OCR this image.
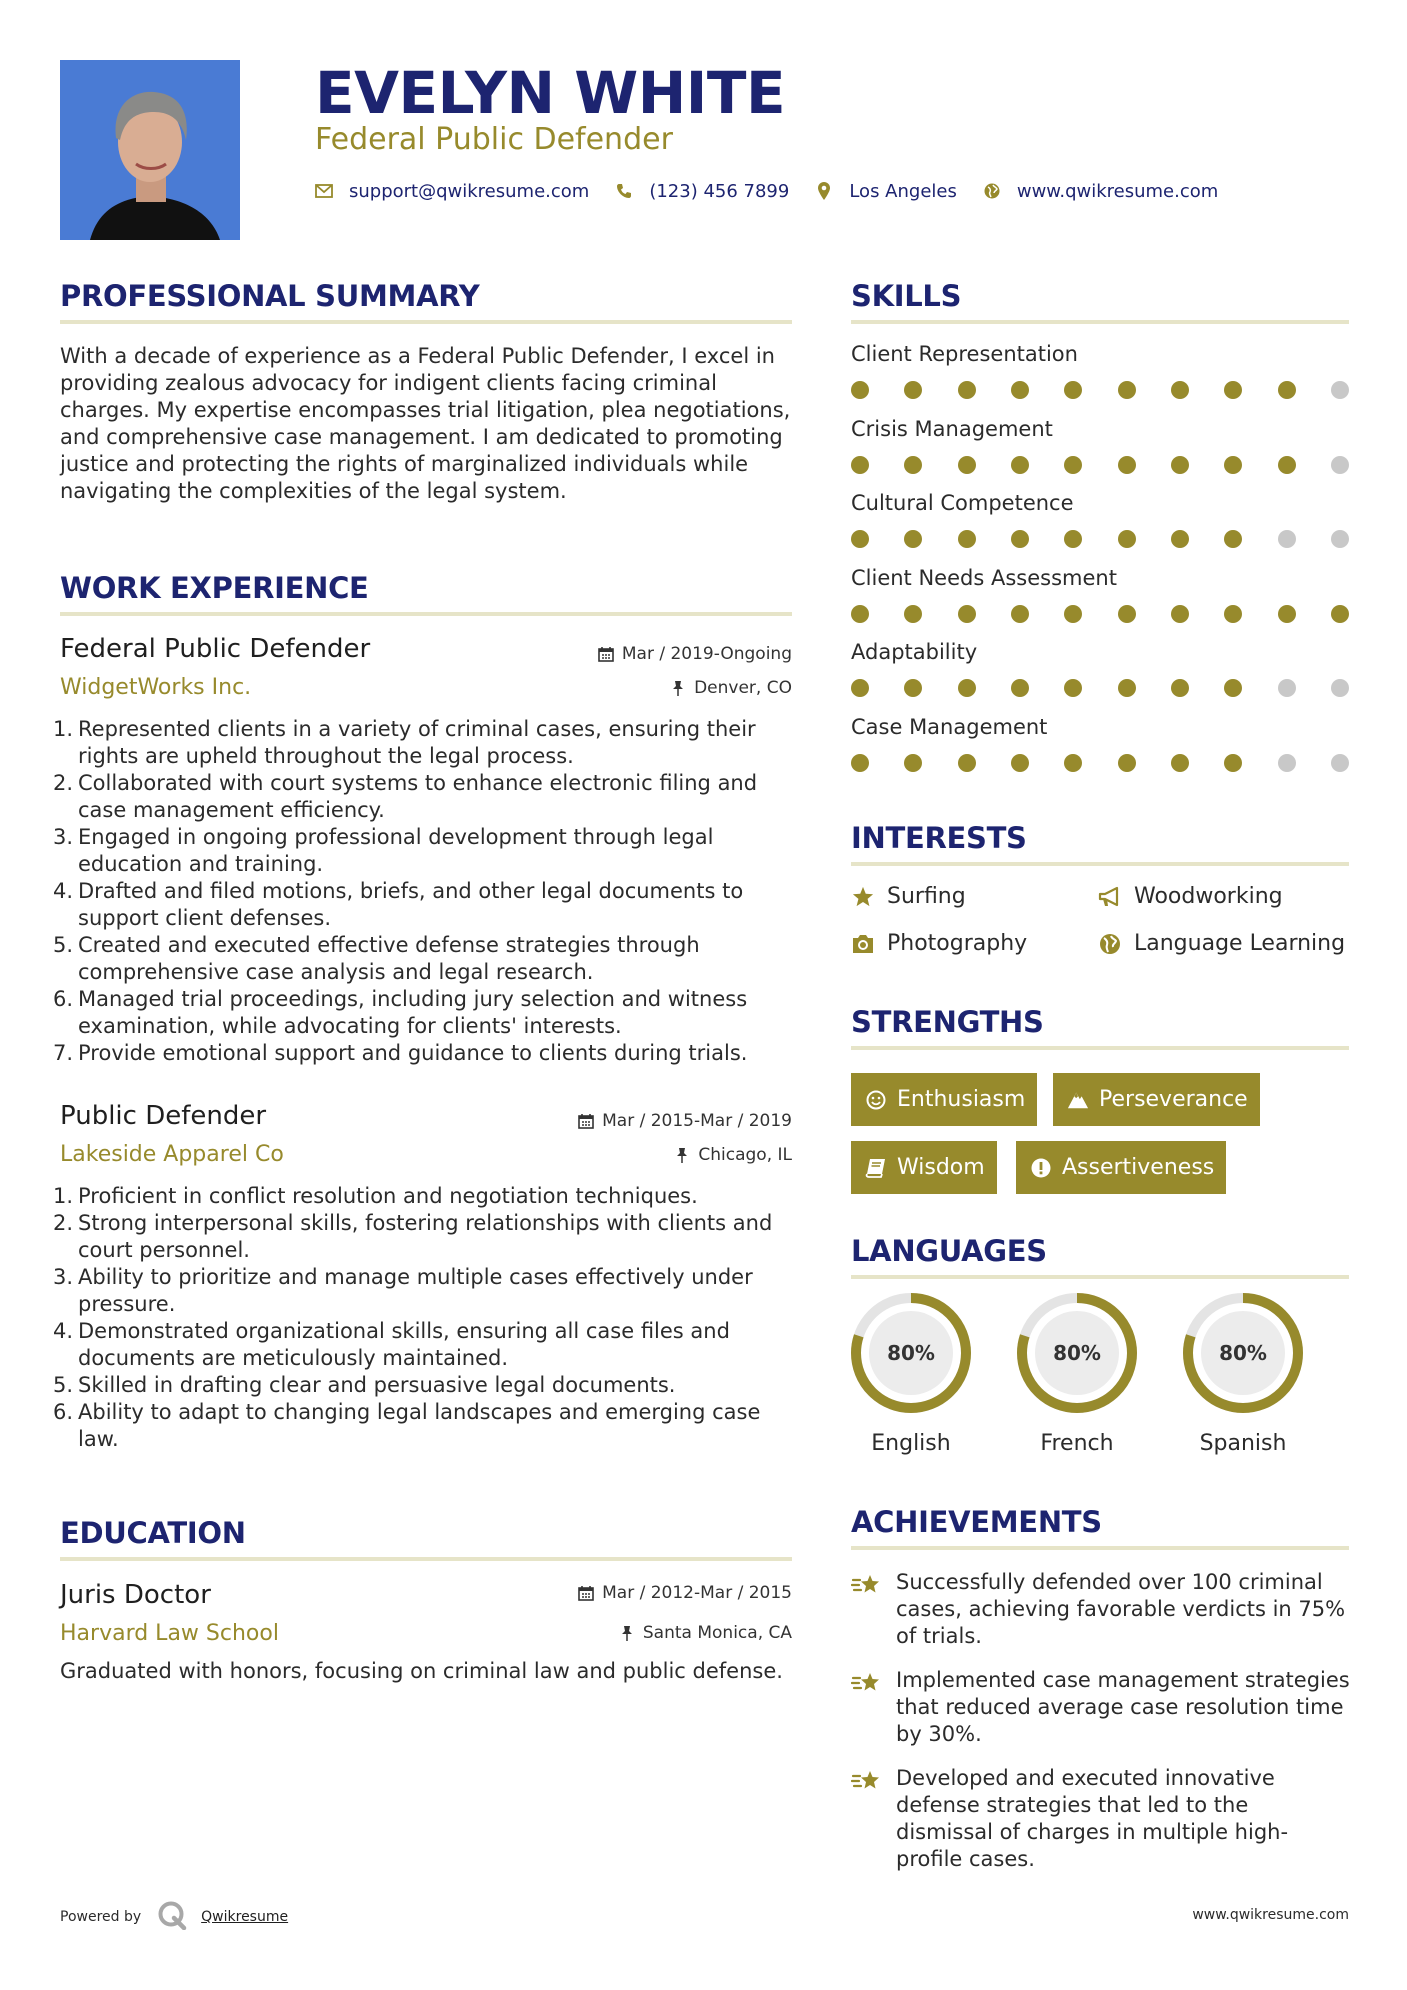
EVELYN WHITE
Federal Public Defender
support@qwikresume.com	(123) 456 7899	Los Angeles	www.qwikresume.com
PROFESSIONAL SUMMARY
With a decade of experience as a Federal Public Defender, I excel in providing zealous advocacy for indigent clients facing criminal charges. My expertise encompasses trial litigation, plea negotiations, and comprehensive case management. I am dedicated to promoting justice and protecting the rights of marginalized individuals while navigating the complexities of the legal system.
WORK EXPERIENCE
Federal Public Defender
WidgetWorks Inc.
Mar / 2019-Ongoing
Denver, CO
1. Represented clients in a variety of criminal cases, ensuring their rights are upheld throughout the legal process.
2. Collaborated with court systems to enhance electronic filing and case management efficiency.
3. Engaged in ongoing professional development through legal education and training.
4. Drafted and filed motions, briefs, and other legal documents to support client defenses.
5. Created and executed effective defense strategies through comprehensive case analysis and legal research.
6. Managed trial proceedings, including jury selection and witness examination, while advocating for clients' interests.
7. Provide emotional support and guidance to clients during trials.
Public Defender
Lakeside Apparel Co
Mar / 2015-Mar / 2019
Chicago, IL
1. Proficient in conflict resolution and negotiation techniques.
2. Strong interpersonal skills, fostering relationships with clients and court personnel.
3. Ability to prioritize and manage multiple cases effectively under pressure.
4. Demonstrated organizational skills, ensuring all case files and documents are meticulously maintained.
5. Skilled in drafting clear and persuasive legal documents.
6. Ability to adapt to changing legal landscapes and emerging case law.
EDUCATION
Juris Doctor
Harvard Law School
Mar / 2012-Mar / 2015
Santa Monica, CA
Graduated with honors, focusing on criminal law and public defense.
SKILLS
Client Representation
Crisis Management
Cultural Competence
Client Needs Assessment
Adaptability
Case Management
INTERESTS
Surfing	Woodworking
Photography	Language Learning
STRENGTHS
Enthusiasm	Perseverance
Wisdom	Assertiveness
LANGUAGES
80%
English
80%
French
80%
Spanish
ACHIEVEMENTS
Successfully defended over 100 criminal cases, achieving favorable verdicts in 75% of trials.
Implemented case management strategies that reduced average case resolution time by 30%.
Developed and executed innovative defense strategies that led to the dismissal of charges in multiple high-profile cases.
Powered by	Qwikresume	www.qwikresume.com
